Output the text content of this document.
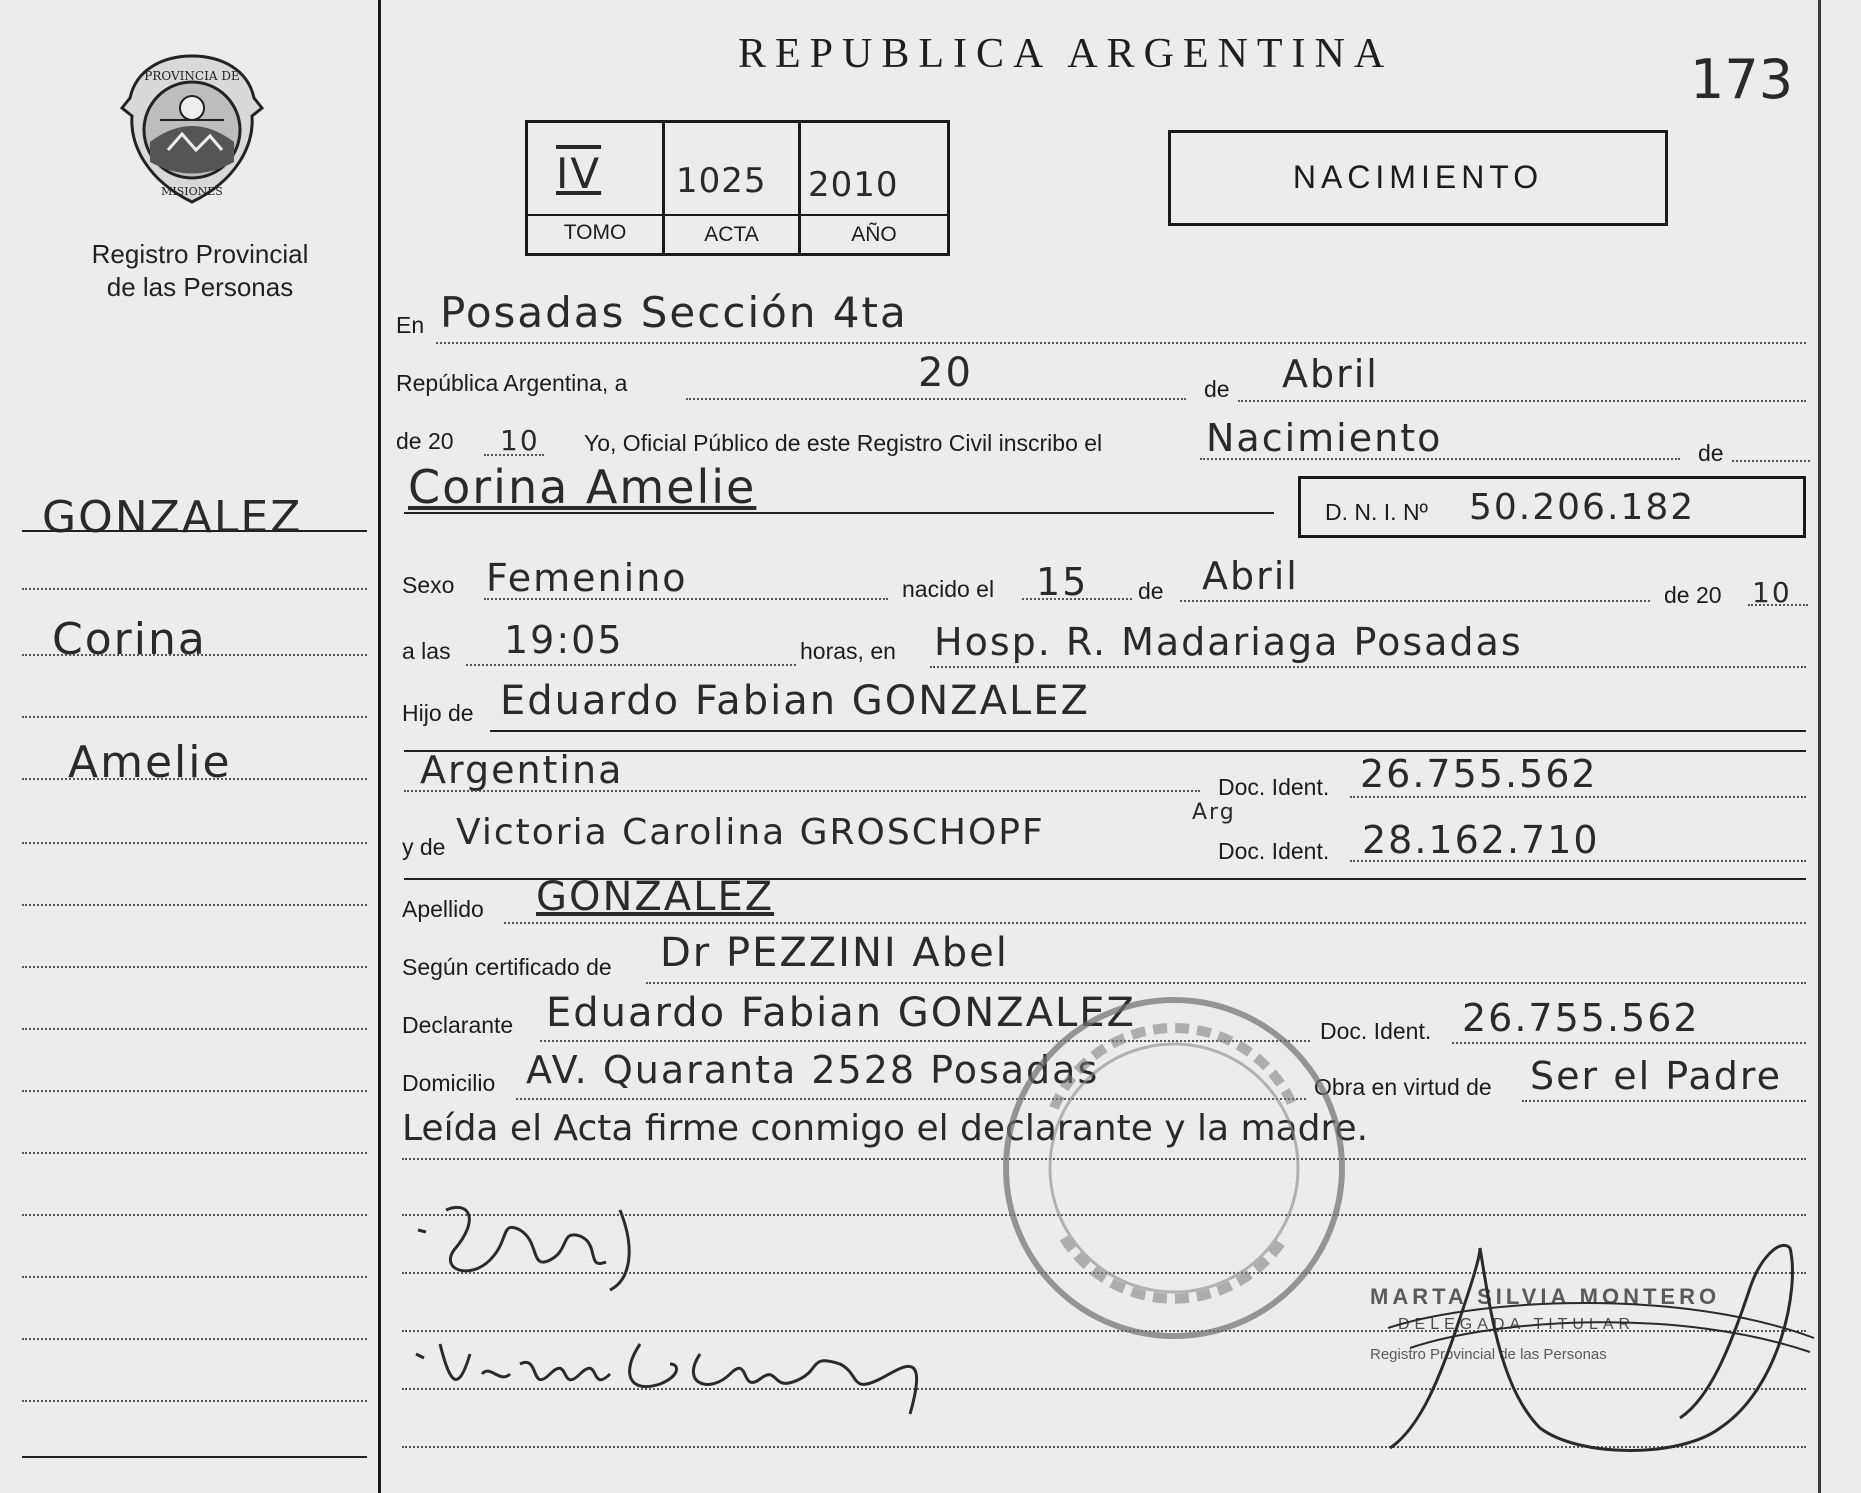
PROVINCIA DE
MISIONES
Registro Provincial
de las Personas
GONZALEZ
Corina
Amelie
REPUBLICA ARGENTINA	173
IV 1025 2010
TOMO	ACTA	AÑO
NACIMIENTO
En Posadas Sección 4ta
República Argentina, a	20	de Abril
de 20 10 Yo, Oficial Público de este Registro Civil inscribo el	Nacimiento	de
Corina Amelie	D. N. I. Nº 50.206.182
Sexo Femenino	nacido el 15 de Abril	de 20 10
a las 19:05	horas, en Hosp. R. Madariaga Posadas
Hijo de Eduardo Fabian GONZALEZ
Argentina	Doc. Ident. 26.755.562
y de Victoria Carolina GROSCHOPF	Arg
Doc. Ident. 28.162.710
Apellido GONZALEZ
Según certificado de Dr PEZZINI Abel
Declarante Eduardo Fabian GONZALEZ	Doc. Ident. 26.755.562
Domicilio AV. Quaranta 2528 Posadas	Obra en virtud de Ser el Padre
Leída el Acta firme conmigo el declarante y la madre.
MARTA SILVIA MONTERO
DELEGADA TITULAR
Registro Provincial de las Personas
